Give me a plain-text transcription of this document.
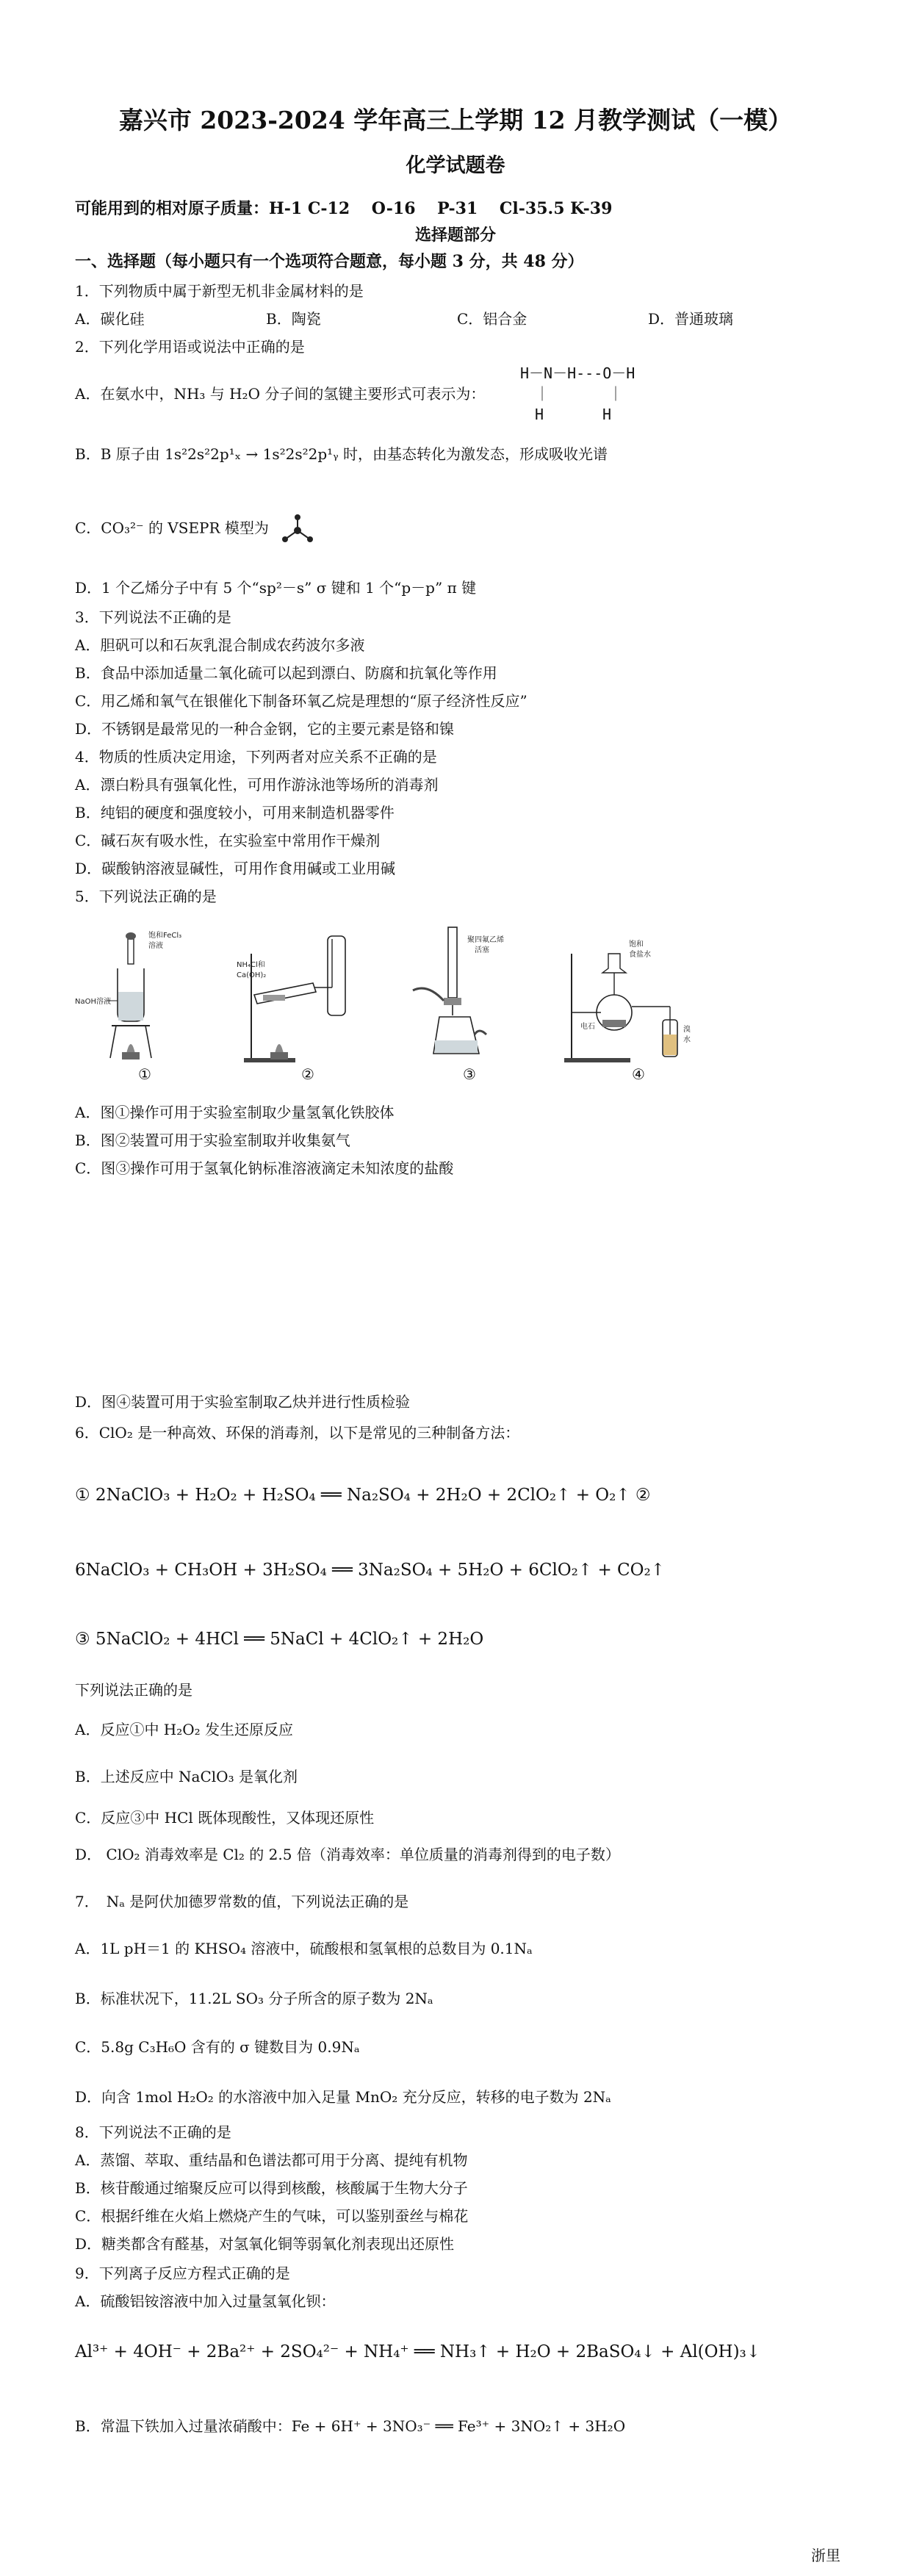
嘉兴市 2023-2024 学年高三上学期 12 月教学测试（一模）
化学试题卷
可能用到的相对原子质量：H-1 C-12　 O-16　 P-31　 Cl-35.5 K-39
选择题部分
一、选择题（每小题只有一个选项符合题意，每小题 3 分，共 48 分）
1．下列物质中属于新型无机非金属材料的是
A．碳化硅	B．陶瓷	C．铝合金	D．普通玻璃
2．下列化学用语或说法中正确的是
H－N－H---O－H
A．在氨水中，NH₃ 与 H₂O 分子间的氢键主要形式可表示为：	　｜　　　　｜
　H　　　　H
B．B 原子由 1s²2s²2p¹ₓ → 1s²2s²2p¹ᵧ 时，由基态转化为激发态，形成吸收光谱
C．CO₃²⁻ 的 VSEPR 模型为
D．1 个乙烯分子中有 5 个“sp²－s” σ 键和 1 个“p－p” π 键
3．下列说法不正确的是
A．胆矾可以和石灰乳混合制成农药波尔多液
B．食品中添加适量二氧化硫可以起到漂白、防腐和抗氧化等作用
C．用乙烯和氧气在银催化下制备环氧乙烷是理想的“原子经济性反应”
D．不锈钢是最常见的一种合金钢，它的主要元素是铬和镍
4．物质的性质决定用途，下列两者对应关系不正确的是
A．漂白粉具有强氧化性，可用作游泳池等场所的消毒剂
B．纯铝的硬度和强度较小，可用来制造机器零件
C．碱石灰有吸水性，在实验室中常用作干燥剂
D．碳酸钠溶液显碱性，可用作食用碱或工业用碱
5．下列说法正确的是
饱和FeCl₃
溶液
NaOH溶液
NH₄Cl和
Ca(OH)₂
聚四氟乙烯
活塞
饱和
食盐水
电石	溴
水
①	②	③	④
A．图①操作可用于实验室制取少量氢氧化铁胶体
B．图②装置可用于实验室制取并收集氨气
C．图③操作可用于氢氧化钠标准溶液滴定未知浓度的盐酸
D．图④装置可用于实验室制取乙炔并进行性质检验
6．ClO₂ 是一种高效、环保的消毒剂，以下是常见的三种制备方法：
① 2NaClO₃ + H₂O₂ + H₂SO₄ ══ Na₂SO₄ + 2H₂O + 2ClO₂↑ + O₂↑ ②
6NaClO₃ + CH₃OH + 3H₂SO₄ ══ 3Na₂SO₄ + 5H₂O + 6ClO₂↑ + CO₂↑
③ 5NaClO₂ + 4HCl ══ 5NaCl + 4ClO₂↑ + 2H₂O
下列说法正确的是
A．反应①中 H₂O₂ 发生还原反应
B．上述反应中 NaClO₃ 是氧化剂
C．反应③中 HCl 既体现酸性，又体现还原性
D． ClO₂ 消毒效率是 Cl₂ 的 2.5 倍（消毒效率：单位质量的消毒剂得到的电子数）
7．　Nₐ 是阿伏加德罗常数的值，下列说法正确的是
A．1L pH＝1 的 KHSO₄ 溶液中，硫酸根和氢氧根的总数目为 0.1Nₐ
B．标准状况下，11.2L SO₃ 分子所含的原子数为 2Nₐ
C．5.8g C₃H₆O 含有的 σ 键数目为 0.9Nₐ
D．向含 1mol H₂O₂ 的水溶液中加入足量 MnO₂ 充分反应，转移的电子数为 2Nₐ
8．下列说法不正确的是
A．蒸馏、萃取、重结晶和色谱法都可用于分离、提纯有机物
B．核苷酸通过缩聚反应可以得到核酸，核酸属于生物大分子
C．根据纤维在火焰上燃烧产生的气味，可以鉴别蚕丝与棉花
D．糖类都含有醛基，对氢氧化铜等弱氧化剂表现出还原性
9．下列离子反应方程式正确的是
A．硫酸铝铵溶液中加入过量氢氧化钡：
Al³⁺ + 4OH⁻ + 2Ba²⁺ + 2SO₄²⁻ + NH₄⁺ ══ NH₃↑ + H₂O + 2BaSO₄↓ + Al(OH)₃↓
B．常温下铁加入过量浓硝酸中：Fe + 6H⁺ + 3NO₃⁻ ══ Fe³⁺ + 3NO₂↑ + 3H₂O
浙里
